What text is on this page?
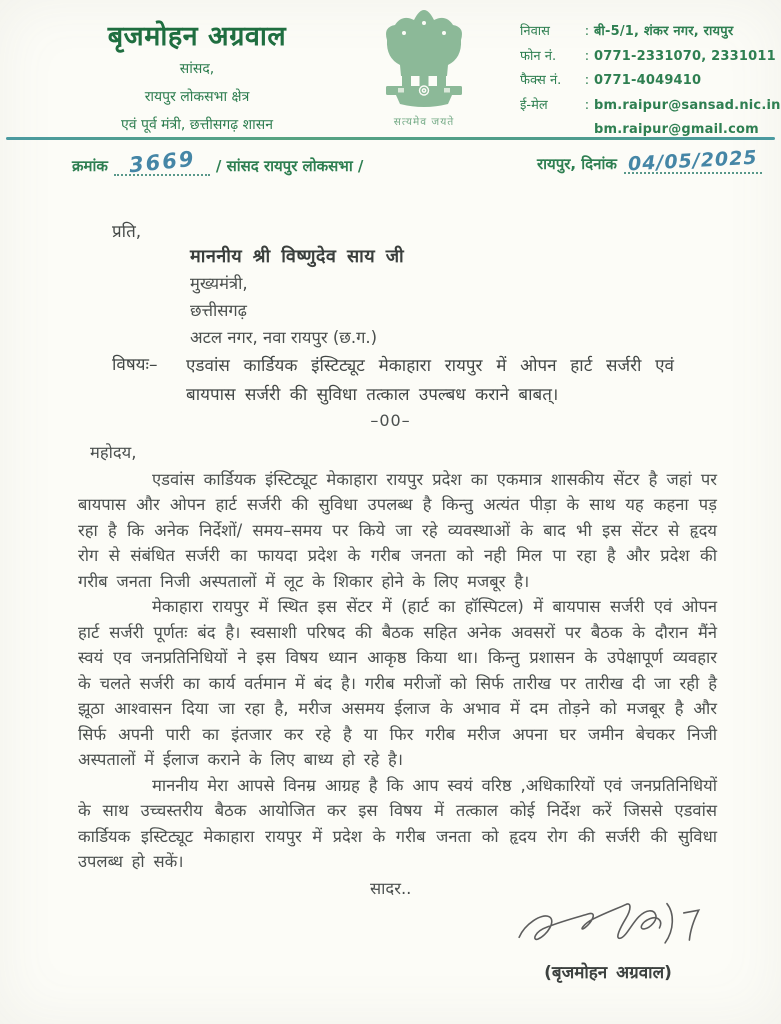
बृजमोहन अग्रवाल
सांसद,
रायपुर लोकसभा क्षेत्र
एवं पूर्व मंत्री, छत्तीसगढ़ शासन	सत्यमेव जयते
निवास	: बी-5/1, शंकर नगर, रायपुर
फोन नं.	: 0771-2331070, 2331011
फैक्स नं.	: 0771-4049410
ई-मेल	: bm.raipur@sansad.nic.in
bm.raipur@gmail.com
क्रमांक 3669	/ सांसद रायपुर लोकसभा /	रायपुर, दिनांक 04/05/2025
प्रति,
माननीय श्री विष्णुदेव साय जी
मुख्यमंत्री,
छत्तीसगढ़
अटल नगर, नवा रायपुर (छ.ग.)
विषयः–	एडवांस कार्डियक इंस्टिट्यूट मेकाहारा रायपुर में ओपन हार्ट सर्जरी एवं बायपास सर्जरी की सुविधा तत्काल उपल्बध कराने बाबत्।
–00–
महोदय,

एडवांस कार्डियक इंस्टिट्यूट मेकाहारा रायपुर प्रदेश का एकमात्र शासकीय सेंटर है जहां पर बायपास और ओपन हार्ट सर्जरी की सुविधा उपलब्ध है किन्तु अत्यंत पीड़ा के साथ यह कहना पड़ रहा है कि अनेक निर्देशों/ समय–समय पर किये जा रहे व्यवस्थाओं के बाद भी इस सेंटर से हृदय रोग से संबंधित सर्जरी का फायदा प्रदेश के गरीब जनता को नही मिल पा रहा है और प्रदेश की गरीब जनता निजी अस्पतालों में लूट के शिकार होने के लिए मजबूर है।

मेकाहारा रायपुर में स्थित इस सेंटर में (हार्ट का हॉस्पिटल) में बायपास सर्जरी एवं ओपन हार्ट सर्जरी पूर्णतः बंद है। स्वसाशी परिषद की बैठक सहित अनेक अवसरों पर बैठक के दौरान मैंने स्वयं एव जनप्रतिनिधियों ने इस विषय ध्यान आकृष्ठ किया था। किन्तु प्रशासन के उपेक्षापूर्ण व्यवहार के चलते सर्जरी का कार्य वर्तमान में बंद है। गरीब मरीजों को सिर्फ तारीख पर तारीख दी जा रही है झूठा आश्वासन दिया जा रहा है, मरीज असमय ईलाज के अभाव में दम तोड़ने को मजबूर है और सिर्फ अपनी पारी का इंतजार कर रहे है या फिर गरीब मरीज अपना घर जमीन बेचकर निजी अस्पतालों में ईलाज कराने के लिए बाध्य हो रहे है।

माननीय मेरा आपसे विनम्र आग्रह है कि आप स्वयं वरिष्ठ ,अधिकारियों एवं जनप्रतिनिधियों के साथ उच्चस्तरीय बैठक आयोजित कर इस विषय में तत्काल कोई निर्देश करें जिससे एडवांस कार्डियक इस्टिट्यूट मेकाहारा रायपुर में प्रदेश के गरीब जनता को हृदय रोग की सर्जरी की सुविधा उपलब्ध हो सकें।

सादर..
(बृजमोहन अग्रवाल)
